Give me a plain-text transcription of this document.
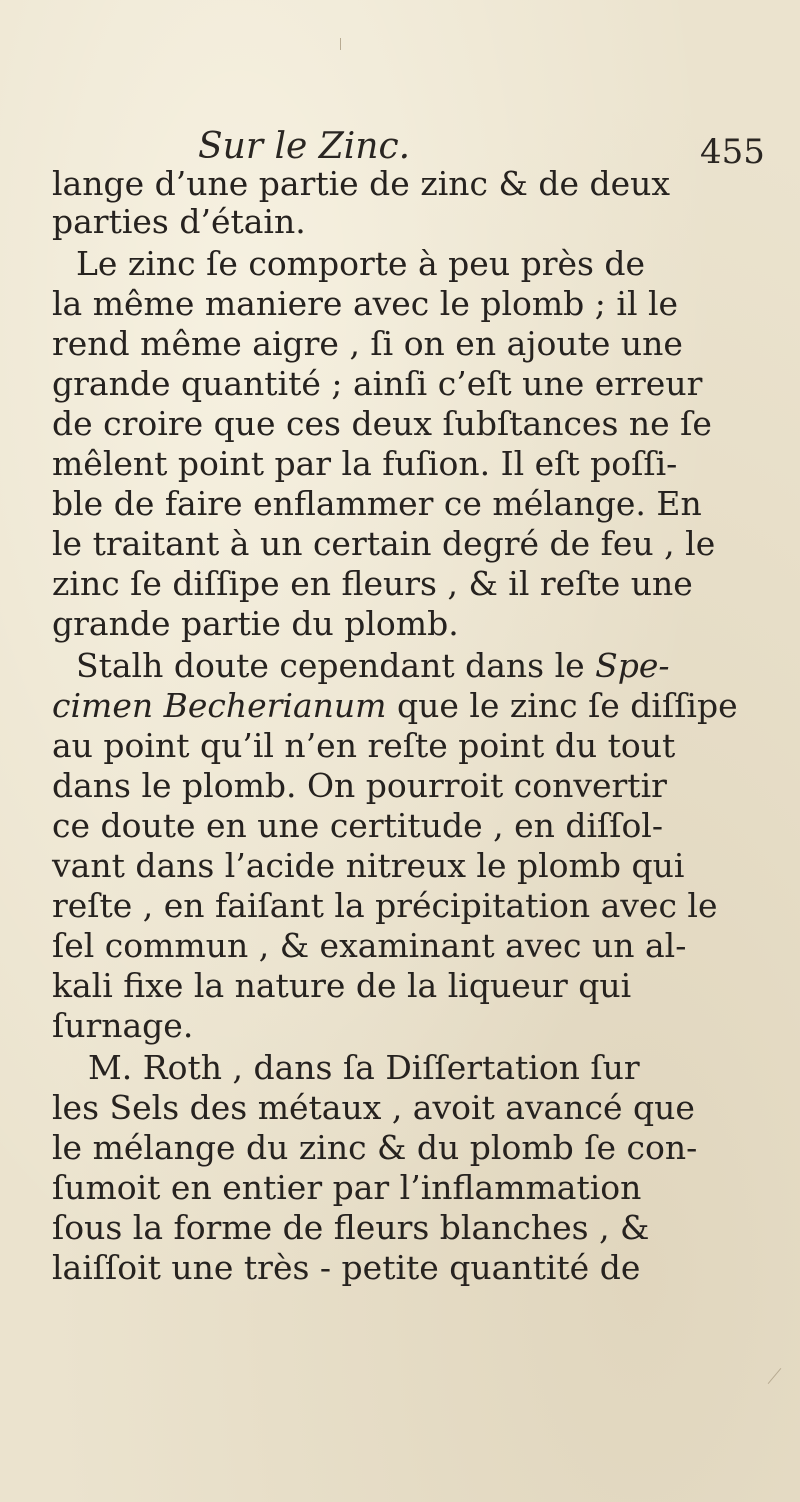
Sur le Zinc.	455
lange d’une partie de zinc & de deux
parties d’étain.
Le zinc ſe comporte à peu près de
la même maniere avec le plomb ; il le
rend même aigre , ſi on en ajoute une
grande quantité ; ainſi c’eſt une erreur
de croire que ces deux ſubſtances ne ſe
mêlent point par la fuſion. Il eſt poſſi-
ble de faire enflammer ce mélange. En
le traitant à un certain degré de feu , le
zinc ſe diſſipe en fleurs , & il reſte une
grande partie du plomb.
Stalh doute cependant dans le Spe-
cimen Becherianum que le zinc ſe diſſipe
au point qu’il n’en reſte point du tout
dans le plomb. On pourroit convertir
ce doute en une certitude , en diſſol-
vant dans l’acide nitreux le plomb qui
reſte , en faiſant la précipitation avec le
ſel commun , & examinant avec un al-
kali fixe la nature de la liqueur qui
ſurnage.
M. Roth , dans ſa Diſſertation ſur
les Sels des métaux , avoit avancé que
le mélange du zinc & du plomb ſe con-
ſumoit en entier par l’inflammation
ſous la forme de fleurs blanches , &
laiſſoit une très - petite quantité de
